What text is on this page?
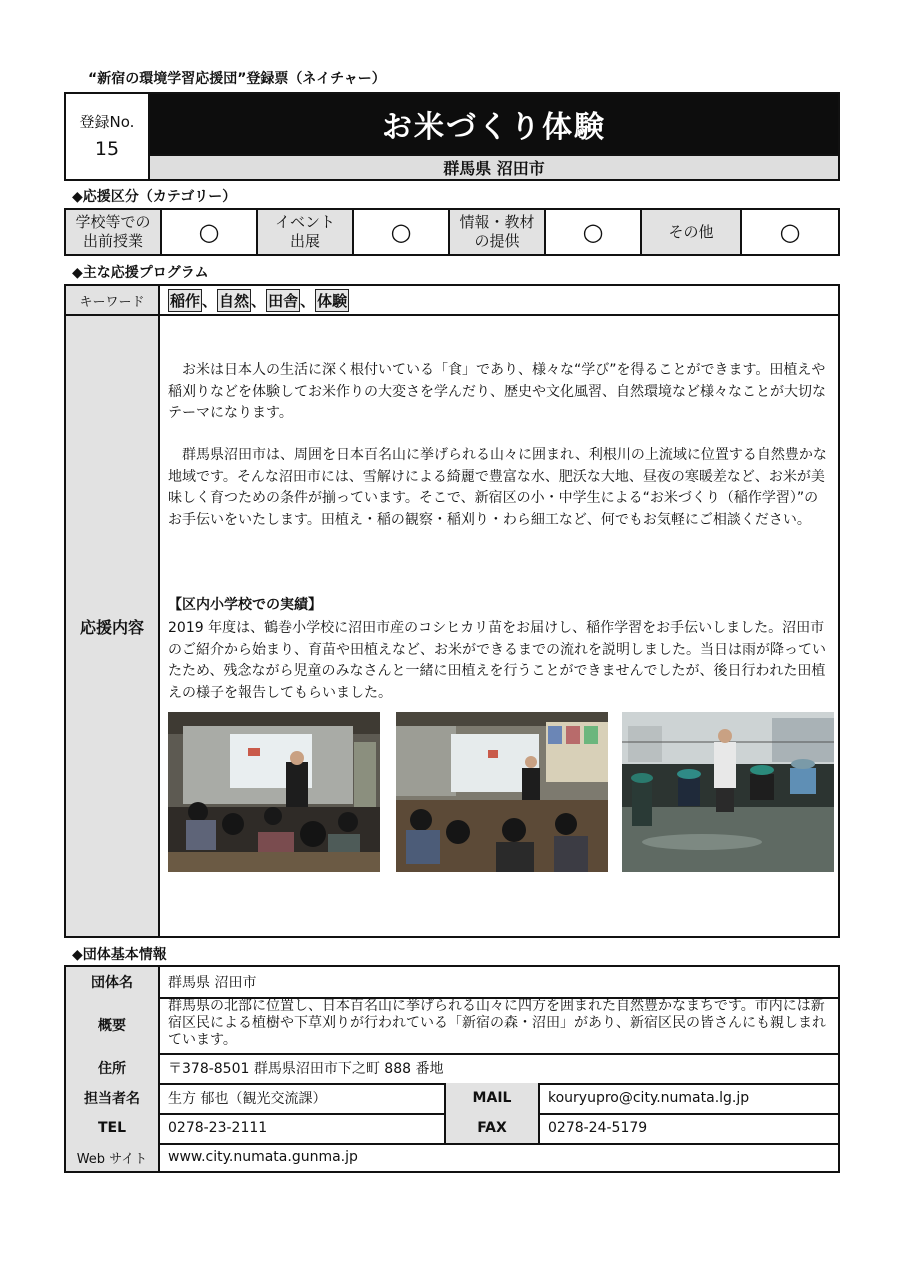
“新宿の環境学習応援団”登録票（ネイチャー）
登録No.
15
お米づくり体験
群馬県 沼田市
◆応援区分（カテゴリー）
学校等での
出前授業	○	イベント
出展	○	情報・教材
の提供	○	その他	○
◆主な応援プログラム
キーワード	稲作 、 自然 、 田舎 、 体験
応援内容
お米は日本人の生活に深く根付いている「食」であり、様々な“学び”を得ることができます。田植えや稲刈りなどを体験してお米作りの大変さを学んだり、歴史や文化風習、自然環境など様々なことが大切なテーマになります。
群馬県沼田市は、周囲を日本百名山に挙げられる山々に囲まれ、利根川の上流域に位置する自然豊かな地域です。そんな沼田市には、雪解けによる綺麗で豊富な水、肥沃な大地、昼夜の寒暖差など、お米が美味しく育つための条件が揃っています。そこで、新宿区の小・中学生による“お米づくり（稲作学習）”のお手伝いをいたします。田植え・稲の観察・稲刈り・わら細工など、何でもお気軽にご相談ください。
【区内小学校での実績】
2019 年度は、鶴巻小学校に沼田市産のコシヒカリ苗をお届けし、稲作学習をお手伝いしました。沼田市のご紹介から始まり、育苗や田植えなど、お米ができるまでの流れを説明しました。当日は雨が降っていたため、残念ながら児童のみなさんと一緒に田植えを行うことができませんでしたが、後日行われた田植えの様子を報告してもらいました。
◆団体基本情報
団体名	群馬県 沼田市
概要
群馬県の北部に位置し、日本百名山に挙げられる山々に四方を囲まれた自然豊かなまちです。市内には新宿区民による植樹や下草刈りが行われている「新宿の森・沼田」があり、新宿区民の皆さんにも親しまれています。
住所	〒378-8501 群馬県沼田市下之町 888 番地
担当者名	生方 郁也（観光交流課）	MAIL	kouryupro@city.numata.lg.jp
TEL	0278-23-2111	FAX	0278-24-5179
Web サイト	www.city.numata.gunma.jp
